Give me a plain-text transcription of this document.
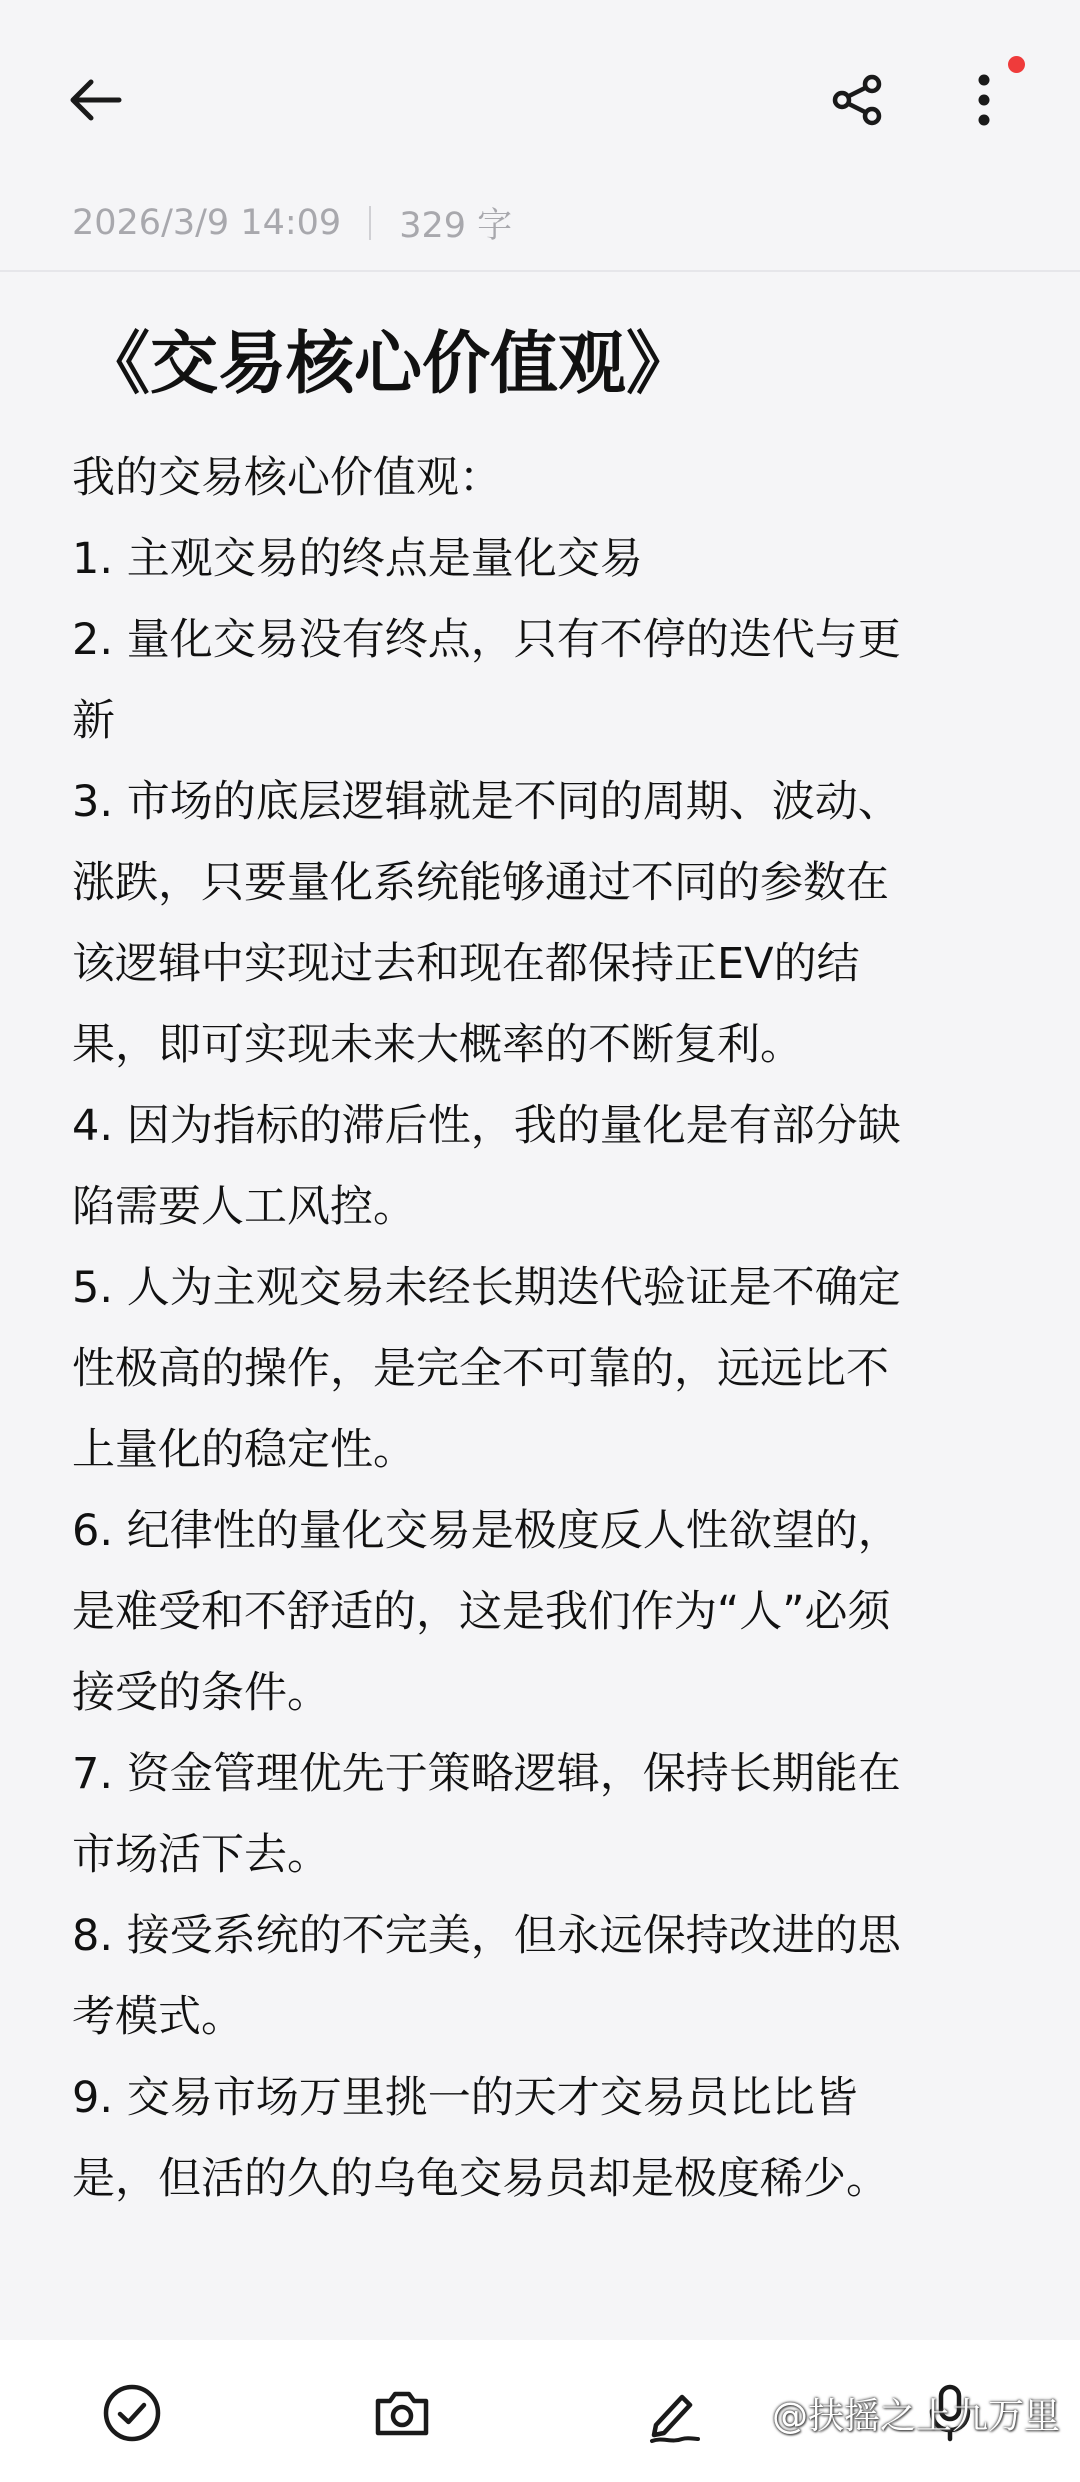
2026/3/9 14:09 329 字
《交易核心价值观》

我的交易核心价值观：

1. 主观交易的终点是量化交易

2. 量化交易没有终点，只有不停的迭代与更

新

3. 市场的底层逻辑就是不同的周期、波动、

涨跌，只要量化系统能够通过不同的参数在

该逻辑中实现过去和现在都保持正EV的结

果，即可实现未来大概率的不断复利。

4. 因为指标的滞后性，我的量化是有部分缺

陷需要人工风控。

5. 人为主观交易未经长期迭代验证是不确定

性极高的操作，是完全不可靠的，远远比不

上量化的稳定性。

6. 纪律性的量化交易是极度反人性欲望的，

是难受和不舒适的，这是我们作为“人”必须

接受的条件。

7. 资金管理优先于策略逻辑，保持长期能在

市场活下去。

8. 接受系统的不完美，但永远保持改进的思

考模式。

9. 交易市场万里挑一的天才交易员比比皆

是，但活的久的乌龟交易员却是极度稀少。

@扶摇之上九万里
